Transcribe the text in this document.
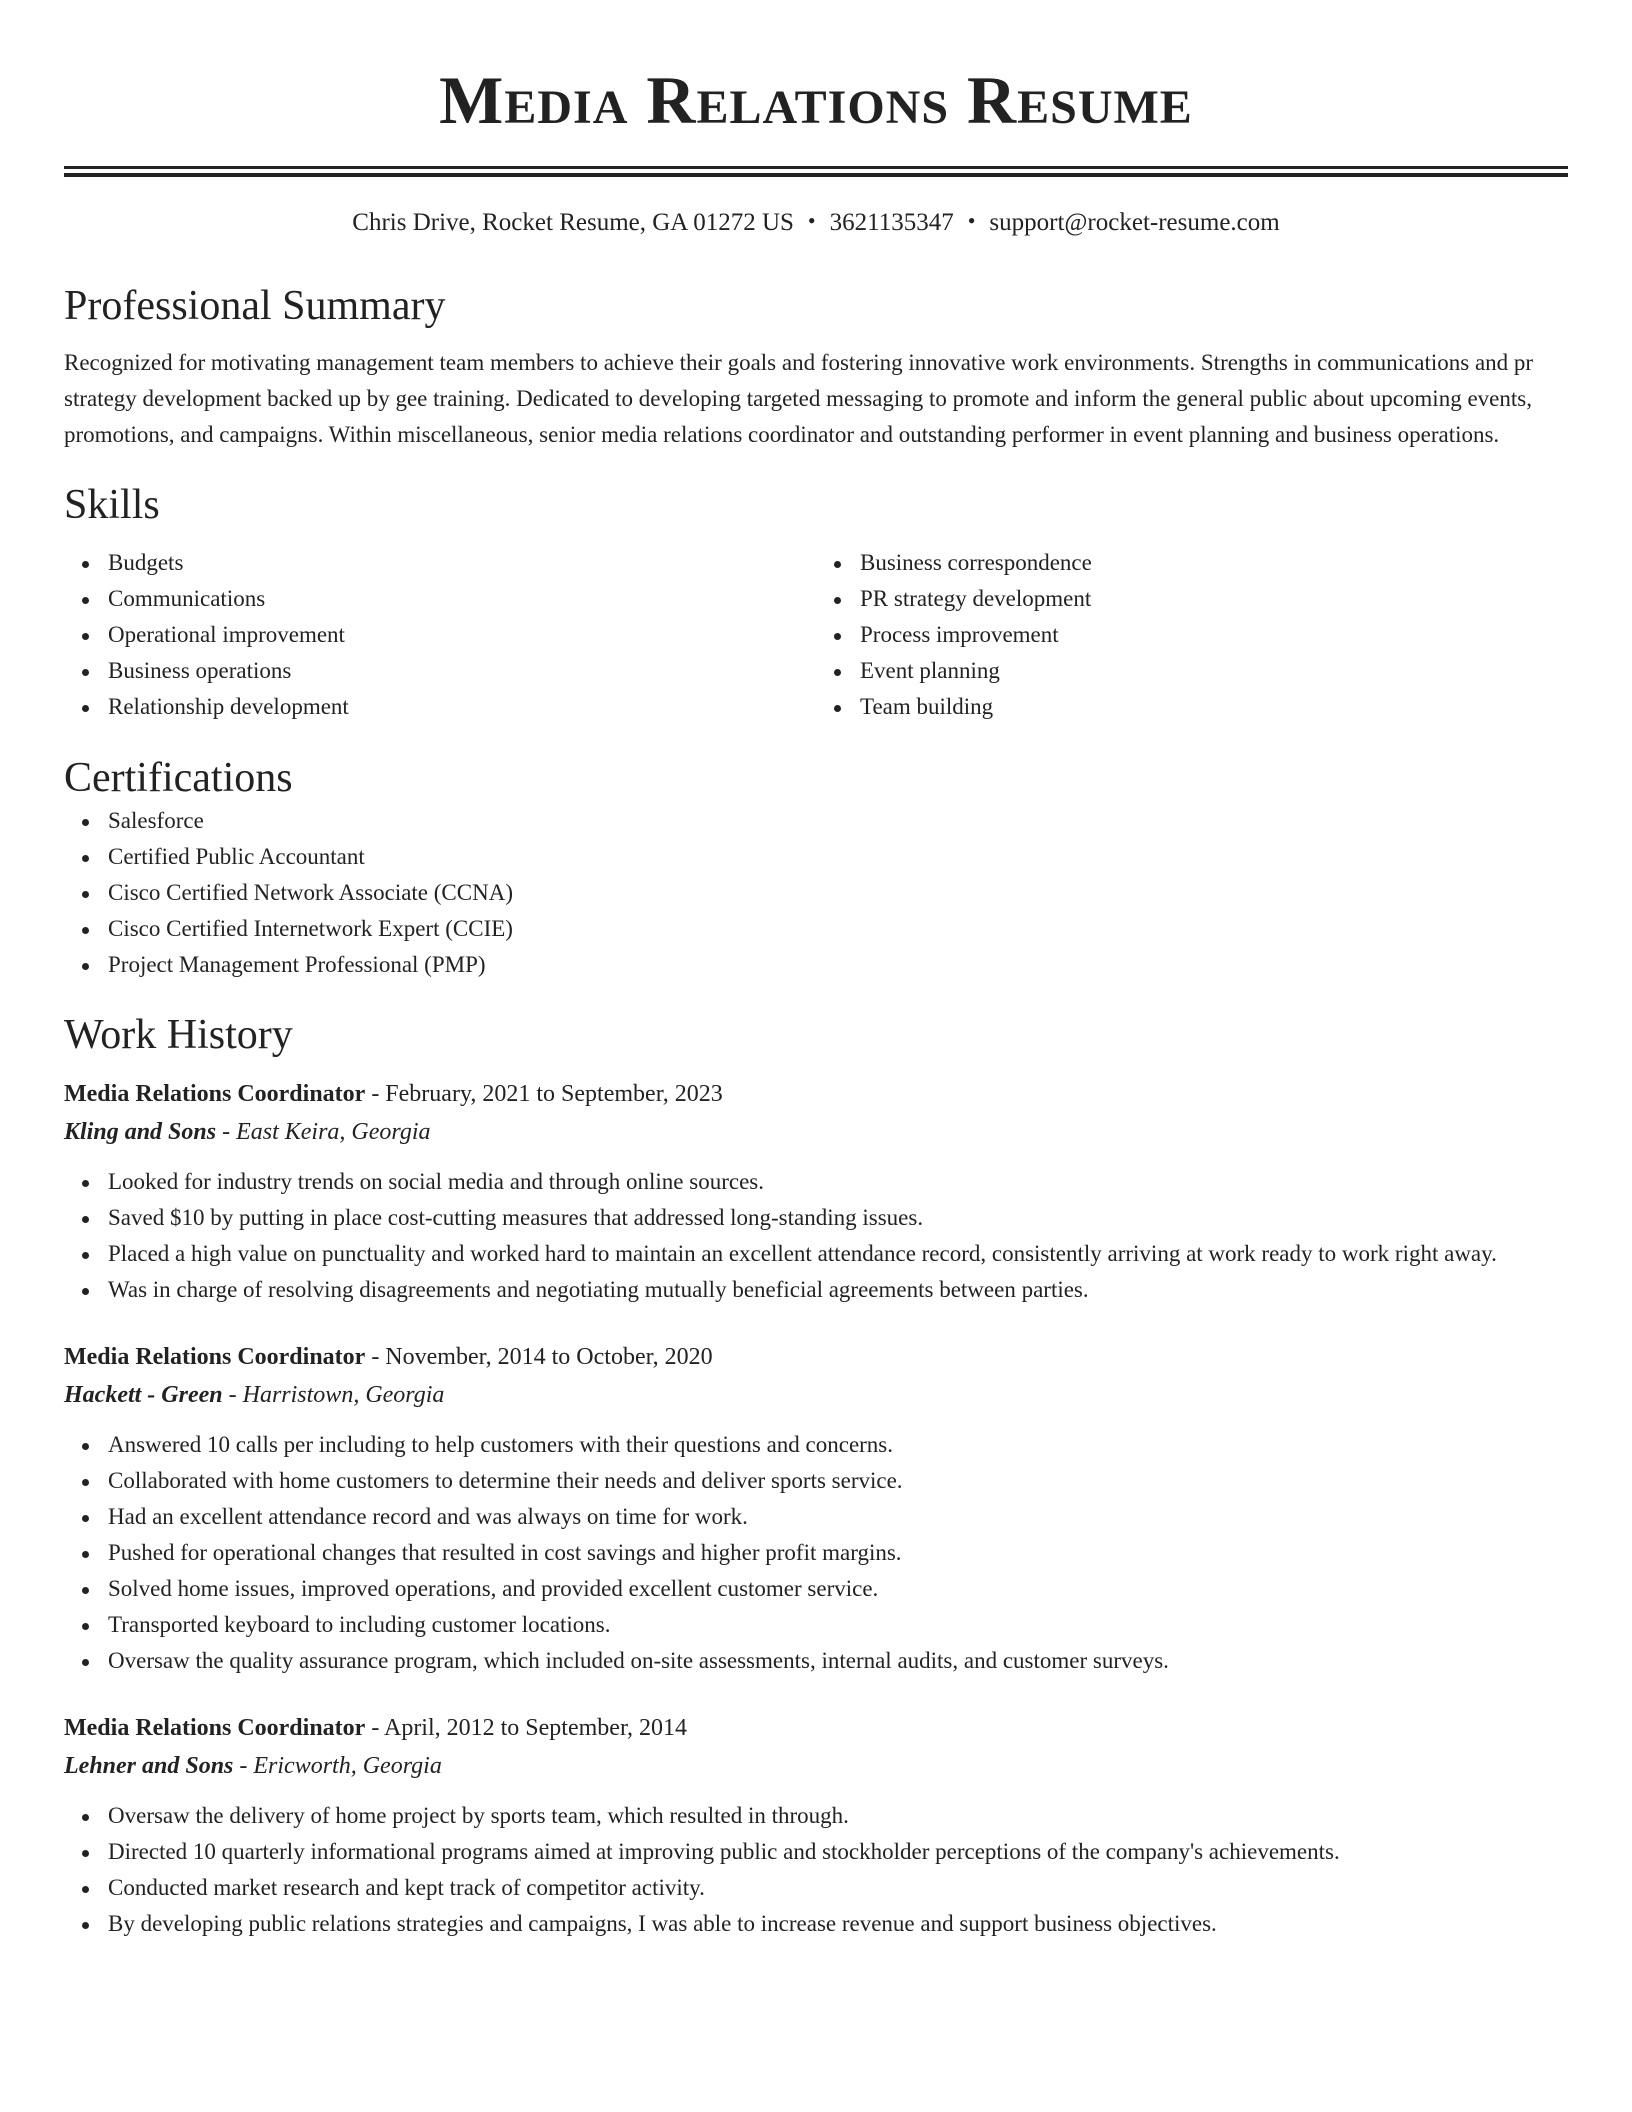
Media Relations Resume
Chris Drive, Rocket Resume, GA 01272 US • 3621135347 • support@rocket-resume.com
Professional Summary

Recognized for motivating management team members to achieve their goals and fostering innovative work environments. Strengths in communications and pr strategy development backed up by gee training. Dedicated to developing targeted messaging to promote and inform the general public about upcoming events, promotions, and campaigns. Within miscellaneous, senior media relations coordinator and outstanding performer in event planning and business operations.

Skills
Budgets
Communications
Operational improvement
Business operations
Relationship development
Business correspondence
PR strategy development
Process improvement
Event planning
Team building
Certifications
Salesforce
Certified Public Accountant
Cisco Certified Network Associate (CCNA)
Cisco Certified Internetwork Expert (CCIE)
Project Management Professional (PMP)
Work History
Media Relations Coordinator - February, 2021 to September, 2023
Kling and Sons - East Keira, Georgia
Looked for industry trends on social media and through online sources.
Saved $10 by putting in place cost-cutting measures that addressed long-standing issues.
Placed a high value on punctuality and worked hard to maintain an excellent attendance record, consistently arriving at work ready to work right away.
Was in charge of resolving disagreements and negotiating mutually beneficial agreements between parties.
Media Relations Coordinator - November, 2014 to October, 2020
Hackett - Green - Harristown, Georgia
Answered 10 calls per including to help customers with their questions and concerns.
Collaborated with home customers to determine their needs and deliver sports service.
Had an excellent attendance record and was always on time for work.
Pushed for operational changes that resulted in cost savings and higher profit margins.
Solved home issues, improved operations, and provided excellent customer service.
Transported keyboard to including customer locations.
Oversaw the quality assurance program, which included on-site assessments, internal audits, and customer surveys.
Media Relations Coordinator - April, 2012 to September, 2014
Lehner and Sons - Ericworth, Georgia
Oversaw the delivery of home project by sports team, which resulted in through.
Directed 10 quarterly informational programs aimed at improving public and stockholder perceptions of the company's achievements.
Conducted market research and kept track of competitor activity.
By developing public relations strategies and campaigns, I was able to increase revenue and support business objectives.
